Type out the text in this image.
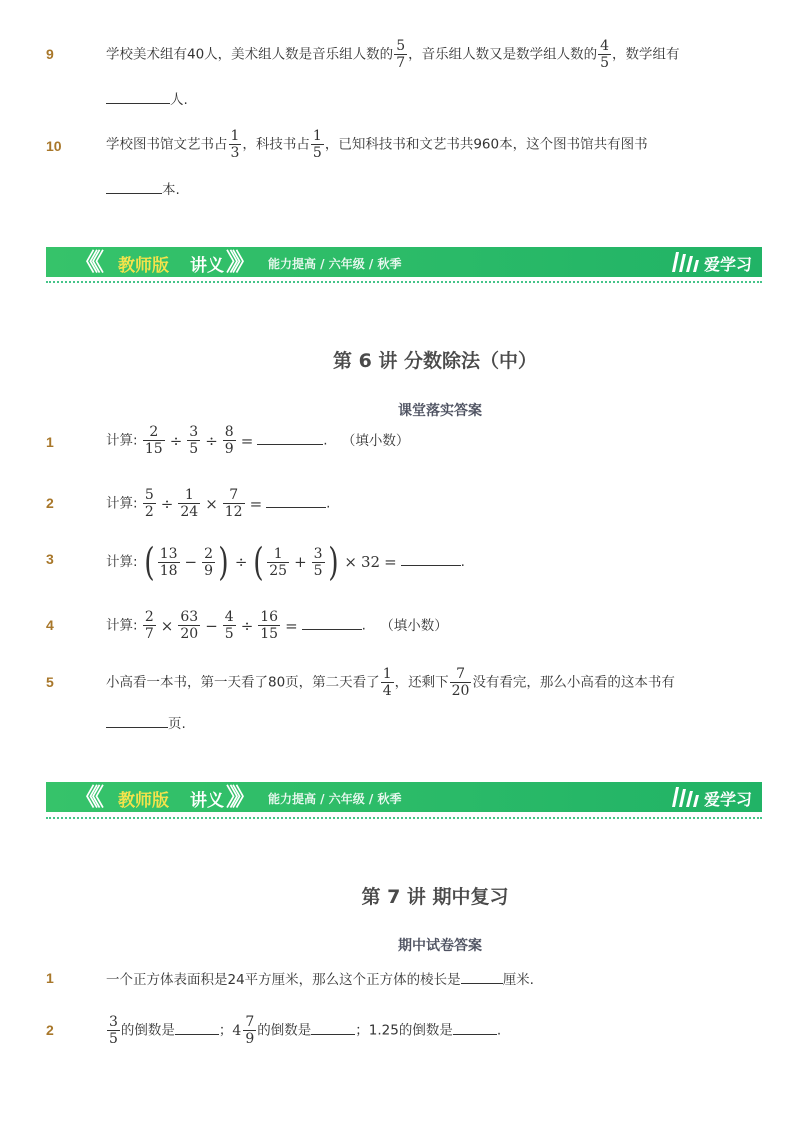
9	学校美术组有40人，美术组人数是音乐组人数的 $\frac{5}{7}$ ，音乐组人数又是数学组人数的 $\frac{4}{5}$ ，数学组有
人.
10	学校图书馆文艺书占 $\frac{1}{3}$ ，科技书占 $\frac{1}{5}$ ，已知科技书和文艺书共960本，这个图书馆共有图书
本.
《《 教师版 讲义 》》 能力提高 / 六年级 / 秋季	爱学习
第 6 讲 分数除法（中）
课堂落实答案
1	计算: $\frac{2}{15} \div \frac{3}{5} \div \frac{8}{9}$ =	. （填小数）
2	计算: $\frac{5}{2} \div \frac{1}{24} \times \frac{7}{12}$ =	.
3	计算: ( $\frac{13}{18} - \frac{2}{9}$ ) ÷ ( $\frac{1}{25} + \frac{3}{5}$ ) × 32 =	.
4	计算: $\frac{2}{7} \times \frac{63}{20} - \frac{4}{5} \div \frac{16}{15}$ =	. （填小数）
5	小高看一本书，第一天看了80页，第二天看了 $\frac{1}{4}$ ，还剩下 $\frac{7}{20}$ 没有看完，那么小高看的这本书有
页.
《《 教师版 讲义 》》 能力提高 / 六年级 / 秋季	爱学习
第 7 讲 期中复习
期中试卷答案
1	一个正方体表面积是24平方厘米，那么这个正方体的棱长是	厘米.
2	$\frac{3}{5}$ 的倒数是	；$4 \frac{7}{9}$ 的倒数是	；1.25的倒数是	.
